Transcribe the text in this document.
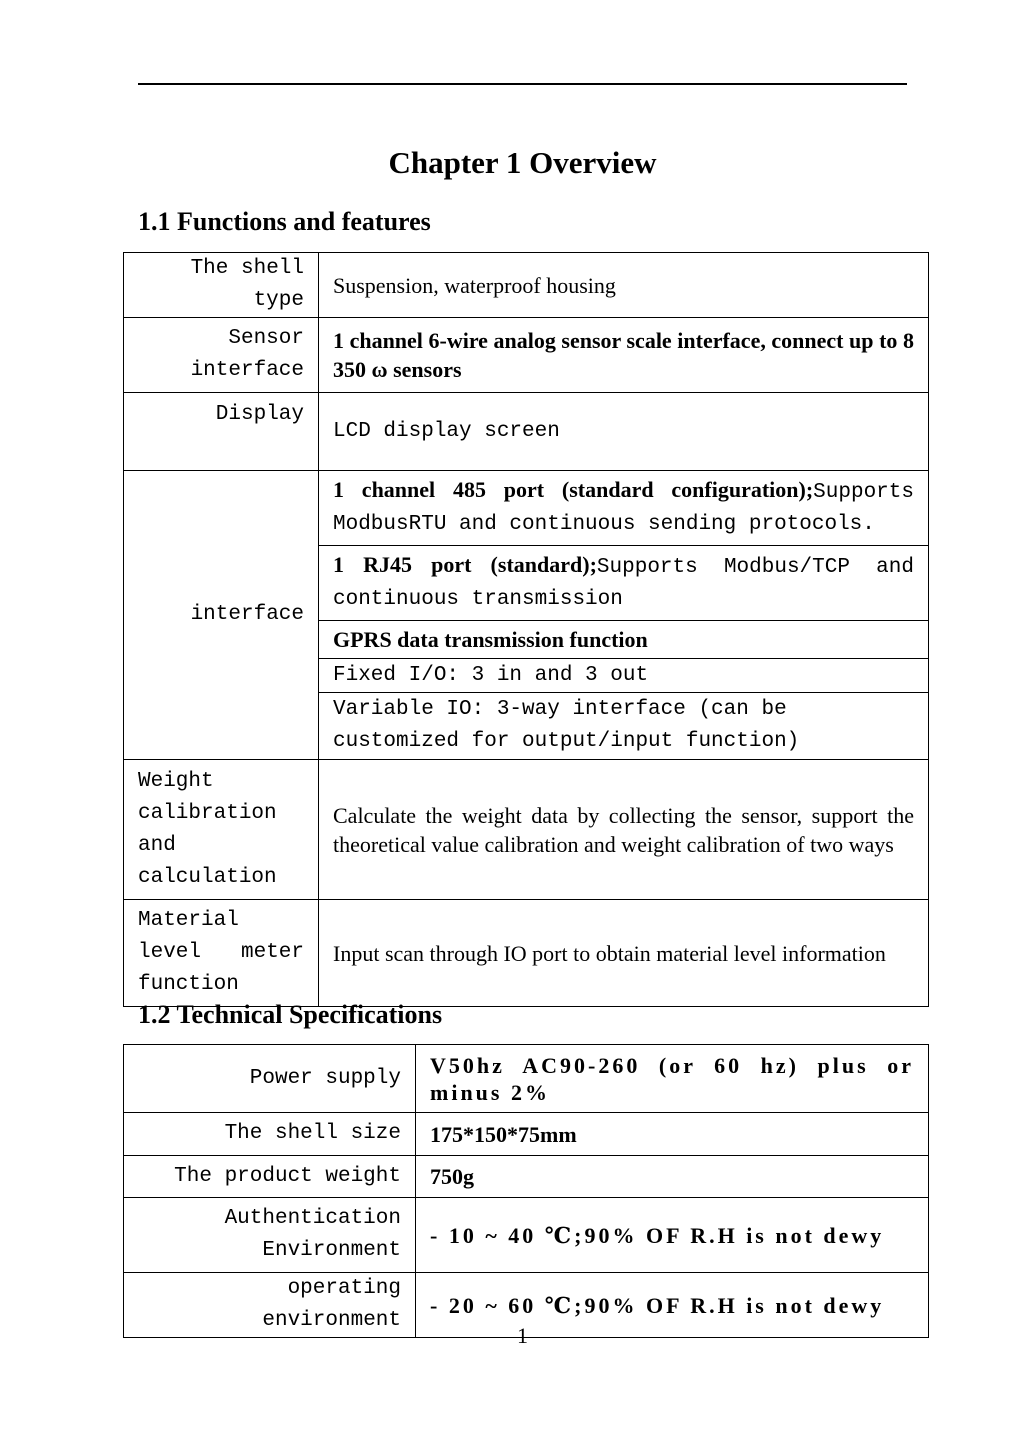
Chapter 1 Overview
1.1 Functions and features
The shell type	Suspension, waterproof housing
Sensor interface	1 channel 6-wire analog sensor scale interface, connect up to 8 350 ω sensors
Display	LCD display screen
interface	1 channel 485 port (standard configuration);Supports ModbusRTU and continuous sending protocols.
	1 RJ45 port (standard);Supports Modbus/TCP and continuous transmission
	GPRS data transmission function
	Fixed I/O: 3 in and 3 out
	Variable IO: 3-way interface (can be customized for output/input function)
Weight calibration and calculation	Calculate the weight data by collecting the sensor, support the theoretical value calibration and weight calibration of two ways
Material level meter function	Input scan through IO port to obtain material level information
1.2 Technical Specifications
Power supply	V50hz AC90-260 (or 60 hz) plus or minus 2%
The shell size	175*150*75mm
The product weight	750g
Authentication Environment	- 10 ~ 40 ℃;90% OF R.H is not dewy
operating environment	- 20 ~ 60 ℃;90% OF R.H is not dewy
1
